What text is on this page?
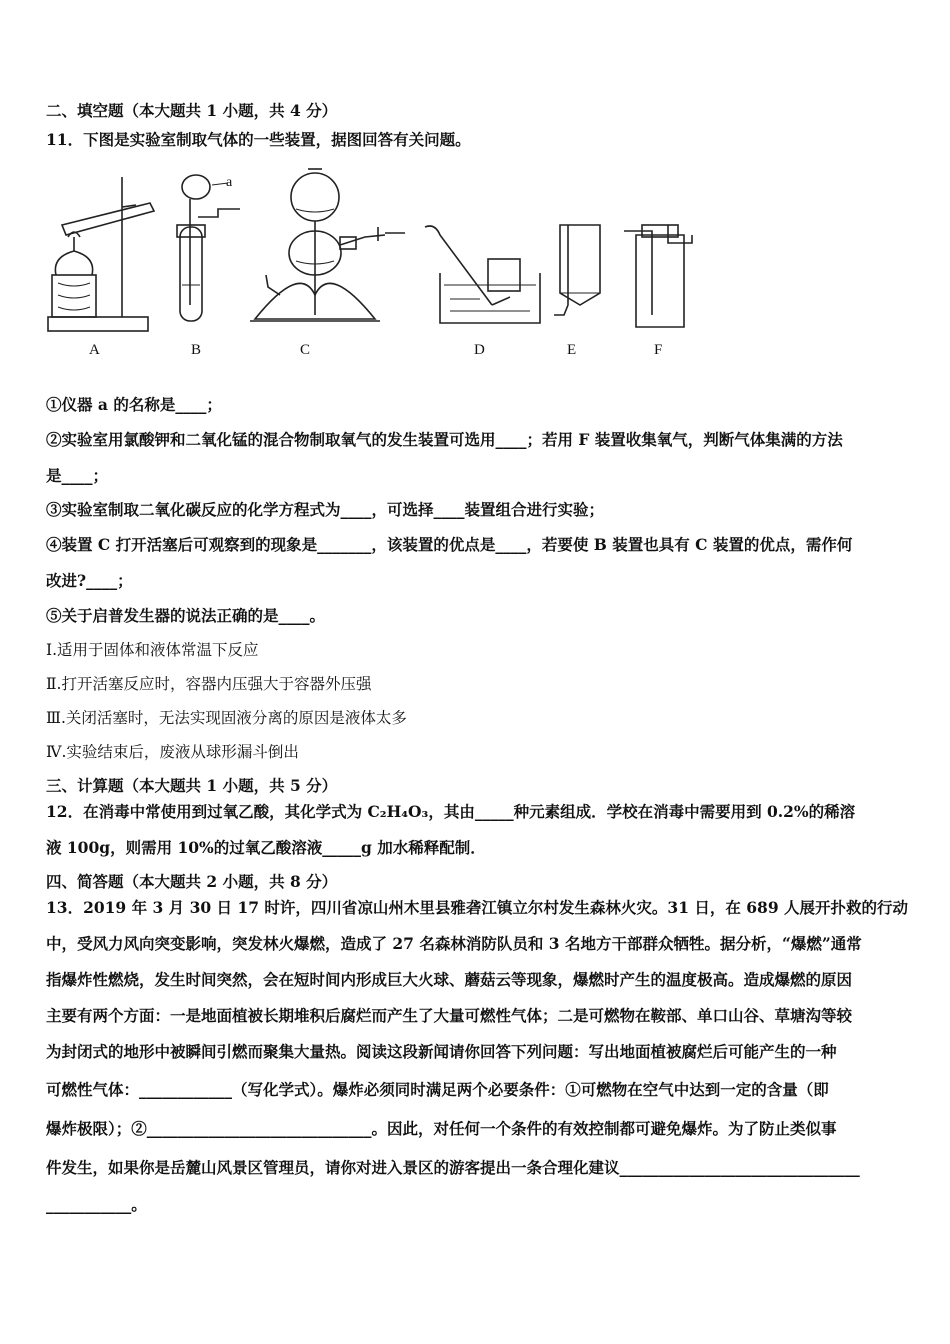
二、填空题（本大题共 1 小题，共 4 分）
11．下图是实验室制取气体的一些装置，据图回答有关问题。
A	B	C	D	E	F
a
①仪器 a 的名称是____；
②实验室用氯酸钾和二氧化锰的混合物制取氧气的发生装置可选用____；若用 F 装置收集氧气，判断气体集满的方法
是____；
③实验室制取二氧化碳反应的化学方程式为____，可选择____装置组合进行实验；
④装置 C 打开活塞后可观察到的现象是_______，该装置的优点是____，若要使 B 装置也具有 C 装置的优点，需作何
改进?____；
⑤关于启普发生器的说法正确的是____。
Ⅰ.适用于固体和液体常温下反应
Ⅱ.打开活塞反应时，容器内压强大于容器外压强
Ⅲ.关闭活塞时，无法实现固液分离的原因是液体太多
Ⅳ.实验结束后，废液从球形漏斗倒出
三、计算题（本大题共 1 小题，共 5 分）
12．在消毒中常使用到过氧乙酸，其化学式为 C₂H₄O₃，其由_____种元素组成．学校在消毒中需要用到 0.2%的稀溶
液 100g，则需用 10%的过氧乙酸溶液_____g 加水稀释配制．
四、简答题（本大题共 2 小题，共 8 分）
13．2019 年 3 月 30 日 17 时许，四川省凉山州木里县雅砻江镇立尔村发生森林火灾。31 日，在 689 人展开扑救的行动
中，受风力风向突变影响，突发林火爆燃，造成了 27 名森林消防队员和 3 名地方干部群众牺牲。据分析，“爆燃”通常
指爆炸性燃烧，发生时间突然，会在短时间内形成巨大火球、蘑菇云等现象，爆燃时产生的温度极高。造成爆燃的原因
主要有两个方面：一是地面植被长期堆积后腐烂而产生了大量可燃性气体；二是可燃物在鞍部、单口山谷、草塘沟等较
为封闭式的地形中被瞬间引燃而聚集大量热。阅读这段新闻请你回答下列问题：写出地面植被腐烂后可能产生的一种
可燃性气体：____________（写化学式）。爆炸必须同时满足两个必要条件：①可燃物在空气中达到一定的含量（即
爆炸极限）；②_____________________________。因此，对任何一个条件的有效控制都可避免爆炸。为了防止类似事
件发生，如果你是岳麓山风景区管理员，请你对进入景区的游客提出一条合理化建议_______________________________
___________。
